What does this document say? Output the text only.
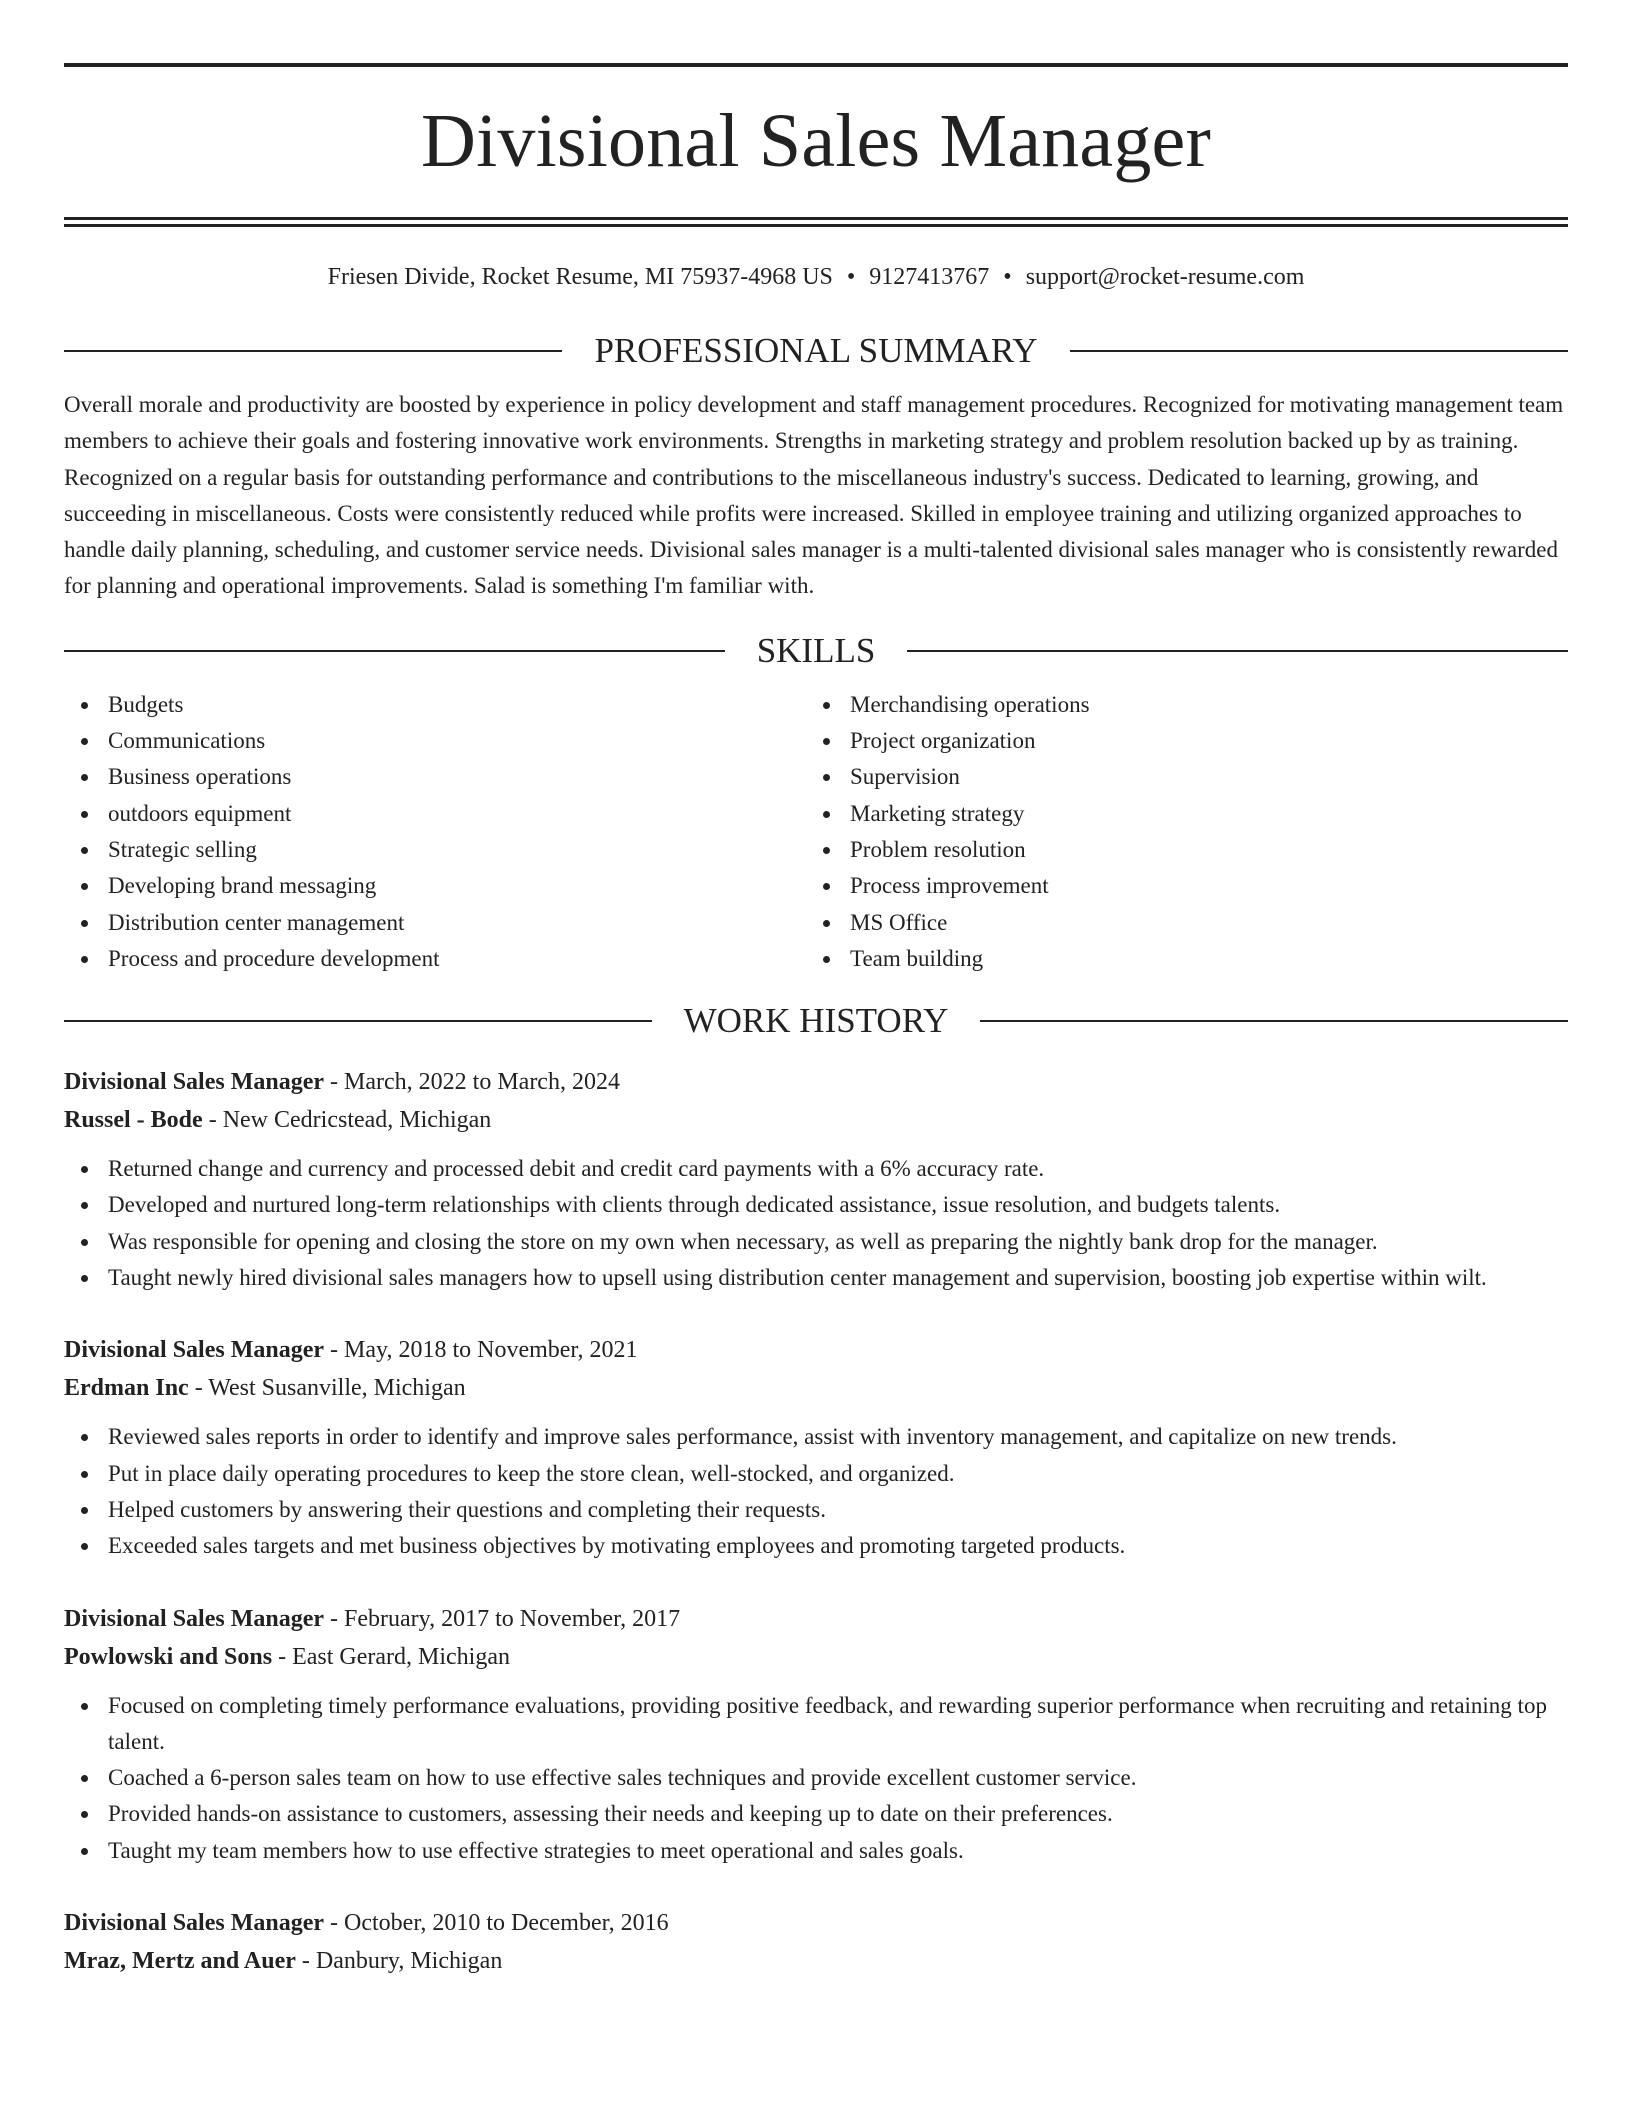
Divisional Sales Manager
Friesen Divide, Rocket Resume, MI 75937-4968 US • 9127413767 • support@rocket-resume.com
PROFESSIONAL SUMMARY
Overall morale and productivity are boosted by experience in policy development and staff management procedures. Recognized for motivating management team members to achieve their goals and fostering innovative work environments. Strengths in marketing strategy and problem resolution backed up by as training. Recognized on a regular basis for outstanding performance and contributions to the miscellaneous industry's success. Dedicated to learning, growing, and succeeding in miscellaneous. Costs were consistently reduced while profits were increased. Skilled in employee training and utilizing organized approaches to handle daily planning, scheduling, and customer service needs. Divisional sales manager is a multi-talented divisional sales manager who is consistently rewarded for planning and operational improvements. Salad is something I'm familiar with.
SKILLS
Budgets
Communications
Business operations
outdoors equipment
Strategic selling
Developing brand messaging
Distribution center management
Process and procedure development
Merchandising operations
Project organization
Supervision
Marketing strategy
Problem resolution
Process improvement
MS Office
Team building
WORK HISTORY
Divisional Sales Manager - March, 2022 to March, 2024
Russel - Bode - New Cedricstead, Michigan
Returned change and currency and processed debit and credit card payments with a 6% accuracy rate.
Developed and nurtured long-term relationships with clients through dedicated assistance, issue resolution, and budgets talents.
Was responsible for opening and closing the store on my own when necessary, as well as preparing the nightly bank drop for the manager.
Taught newly hired divisional sales managers how to upsell using distribution center management and supervision, boosting job expertise within wilt.
Divisional Sales Manager - May, 2018 to November, 2021
Erdman Inc - West Susanville, Michigan
Reviewed sales reports in order to identify and improve sales performance, assist with inventory management, and capitalize on new trends.
Put in place daily operating procedures to keep the store clean, well-stocked, and organized.
Helped customers by answering their questions and completing their requests.
Exceeded sales targets and met business objectives by motivating employees and promoting targeted products.
Divisional Sales Manager - February, 2017 to November, 2017
Powlowski and Sons - East Gerard, Michigan
Focused on completing timely performance evaluations, providing positive feedback, and rewarding superior performance when recruiting and retaining top talent.
Coached a 6-person sales team on how to use effective sales techniques and provide excellent customer service.
Provided hands-on assistance to customers, assessing their needs and keeping up to date on their preferences.
Taught my team members how to use effective strategies to meet operational and sales goals.
Divisional Sales Manager - October, 2010 to December, 2016
Mraz, Mertz and Auer - Danbury, Michigan
